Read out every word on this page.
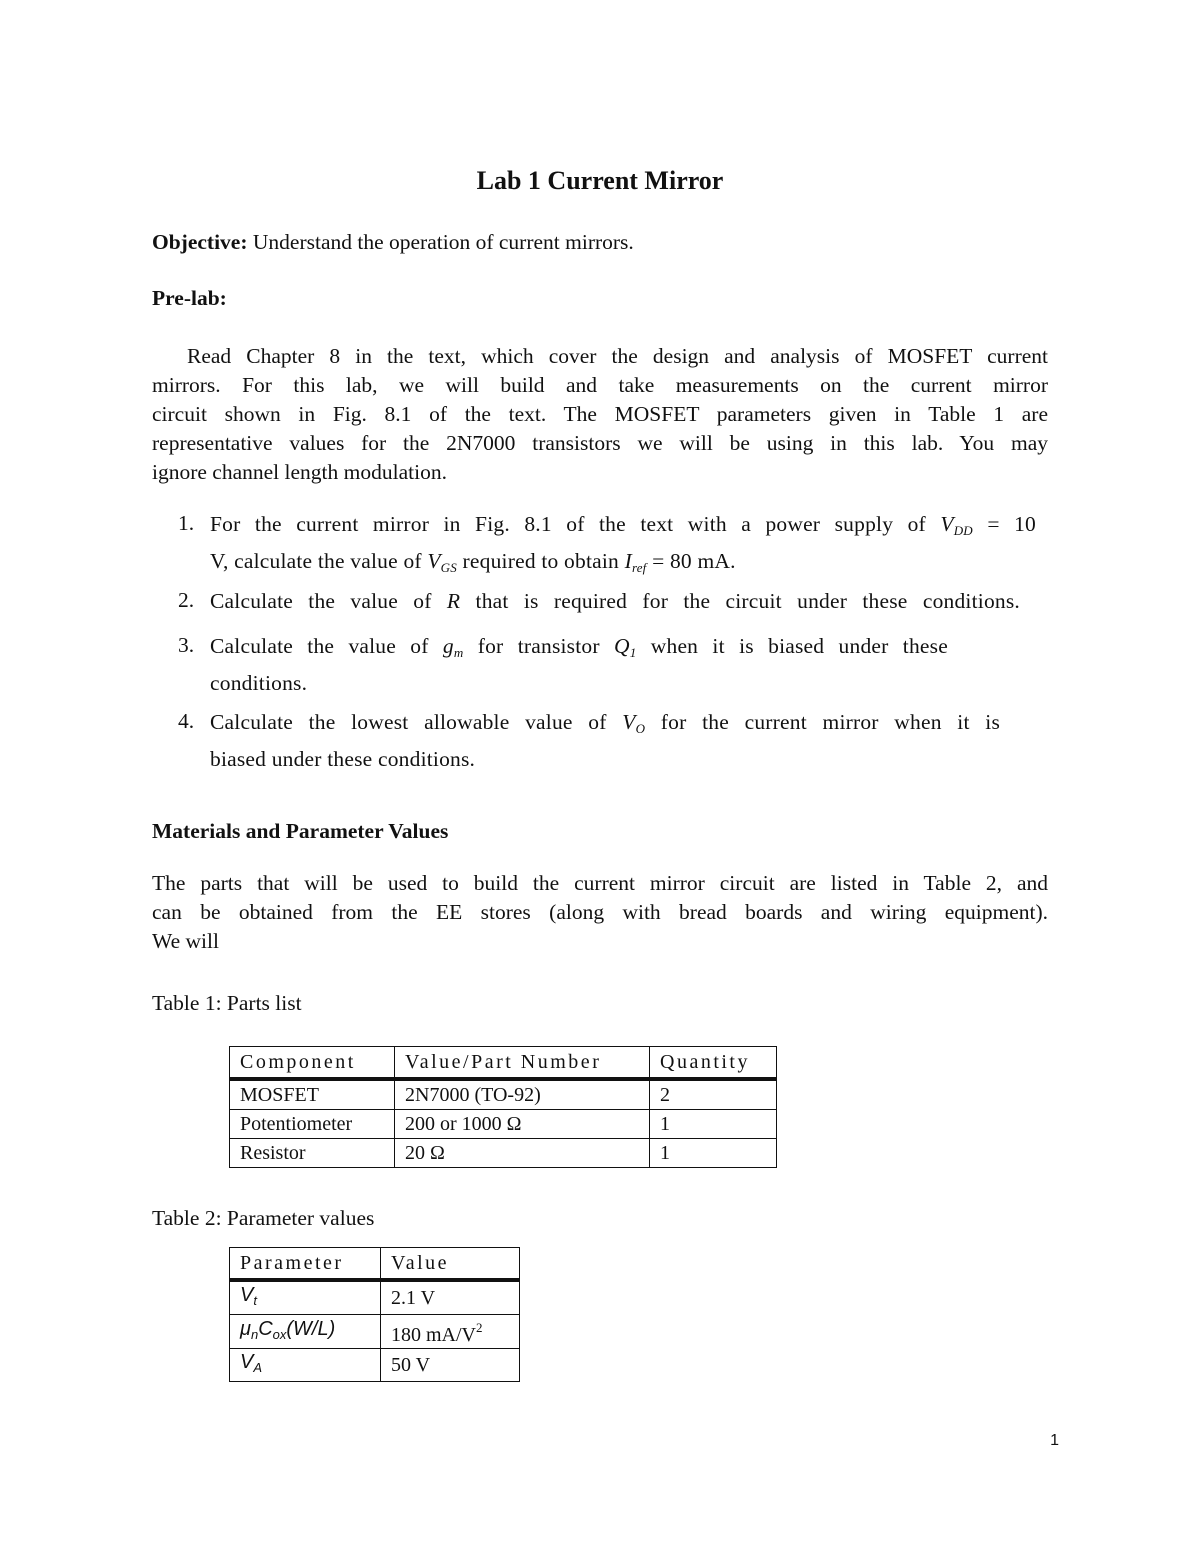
Lab 1 Current Mirror
Objective: Understand the operation of current mirrors.
Pre-lab:
Read Chapter 8 in the text, which cover the design and analysis of MOSFET current
mirrors. For this lab, we will build and take measurements on the current mirror
circuit shown in Fig. 8.1 of the text. The MOSFET parameters given in Table 1 are
representative values for the 2N7000 transistors we will be using in this lab. You may
ignore channel length modulation.
1. For the current mirror in Fig. 8.1 of the text with a power supply of $V_{DD} = 10$
V, calculate the value of $V_{GS}$ required to obtain $I_{ref} = 80$ mA.
2. Calculate the value of R that is required for the circuit under these conditions.
3. Calculate the value of $g_m$ for transistor $Q_1$ when it is biased under these
conditions.
4. Calculate the lowest allowable value of $V_O$ for the current mirror when it is
biased under these conditions.
Materials and Parameter Values
The parts that will be used to build the current mirror circuit are listed in Table 2, and
can be obtained from the EE stores (along with bread boards and wiring equipment).
We will
Table 1: Parts list
Component	Value/Part Number	Quantity
MOSFET	2N7000 (TO-92)	2
Potentiometer	200 or 1000 Ω	1
Resistor	20 Ω	1
Table 2: Parameter values
Parameter	Value
$V_t$	2.1 V
$\mu_nC_{ox}(W/L)$	180 $mA/V^2$
$V_A$	50 V
1
